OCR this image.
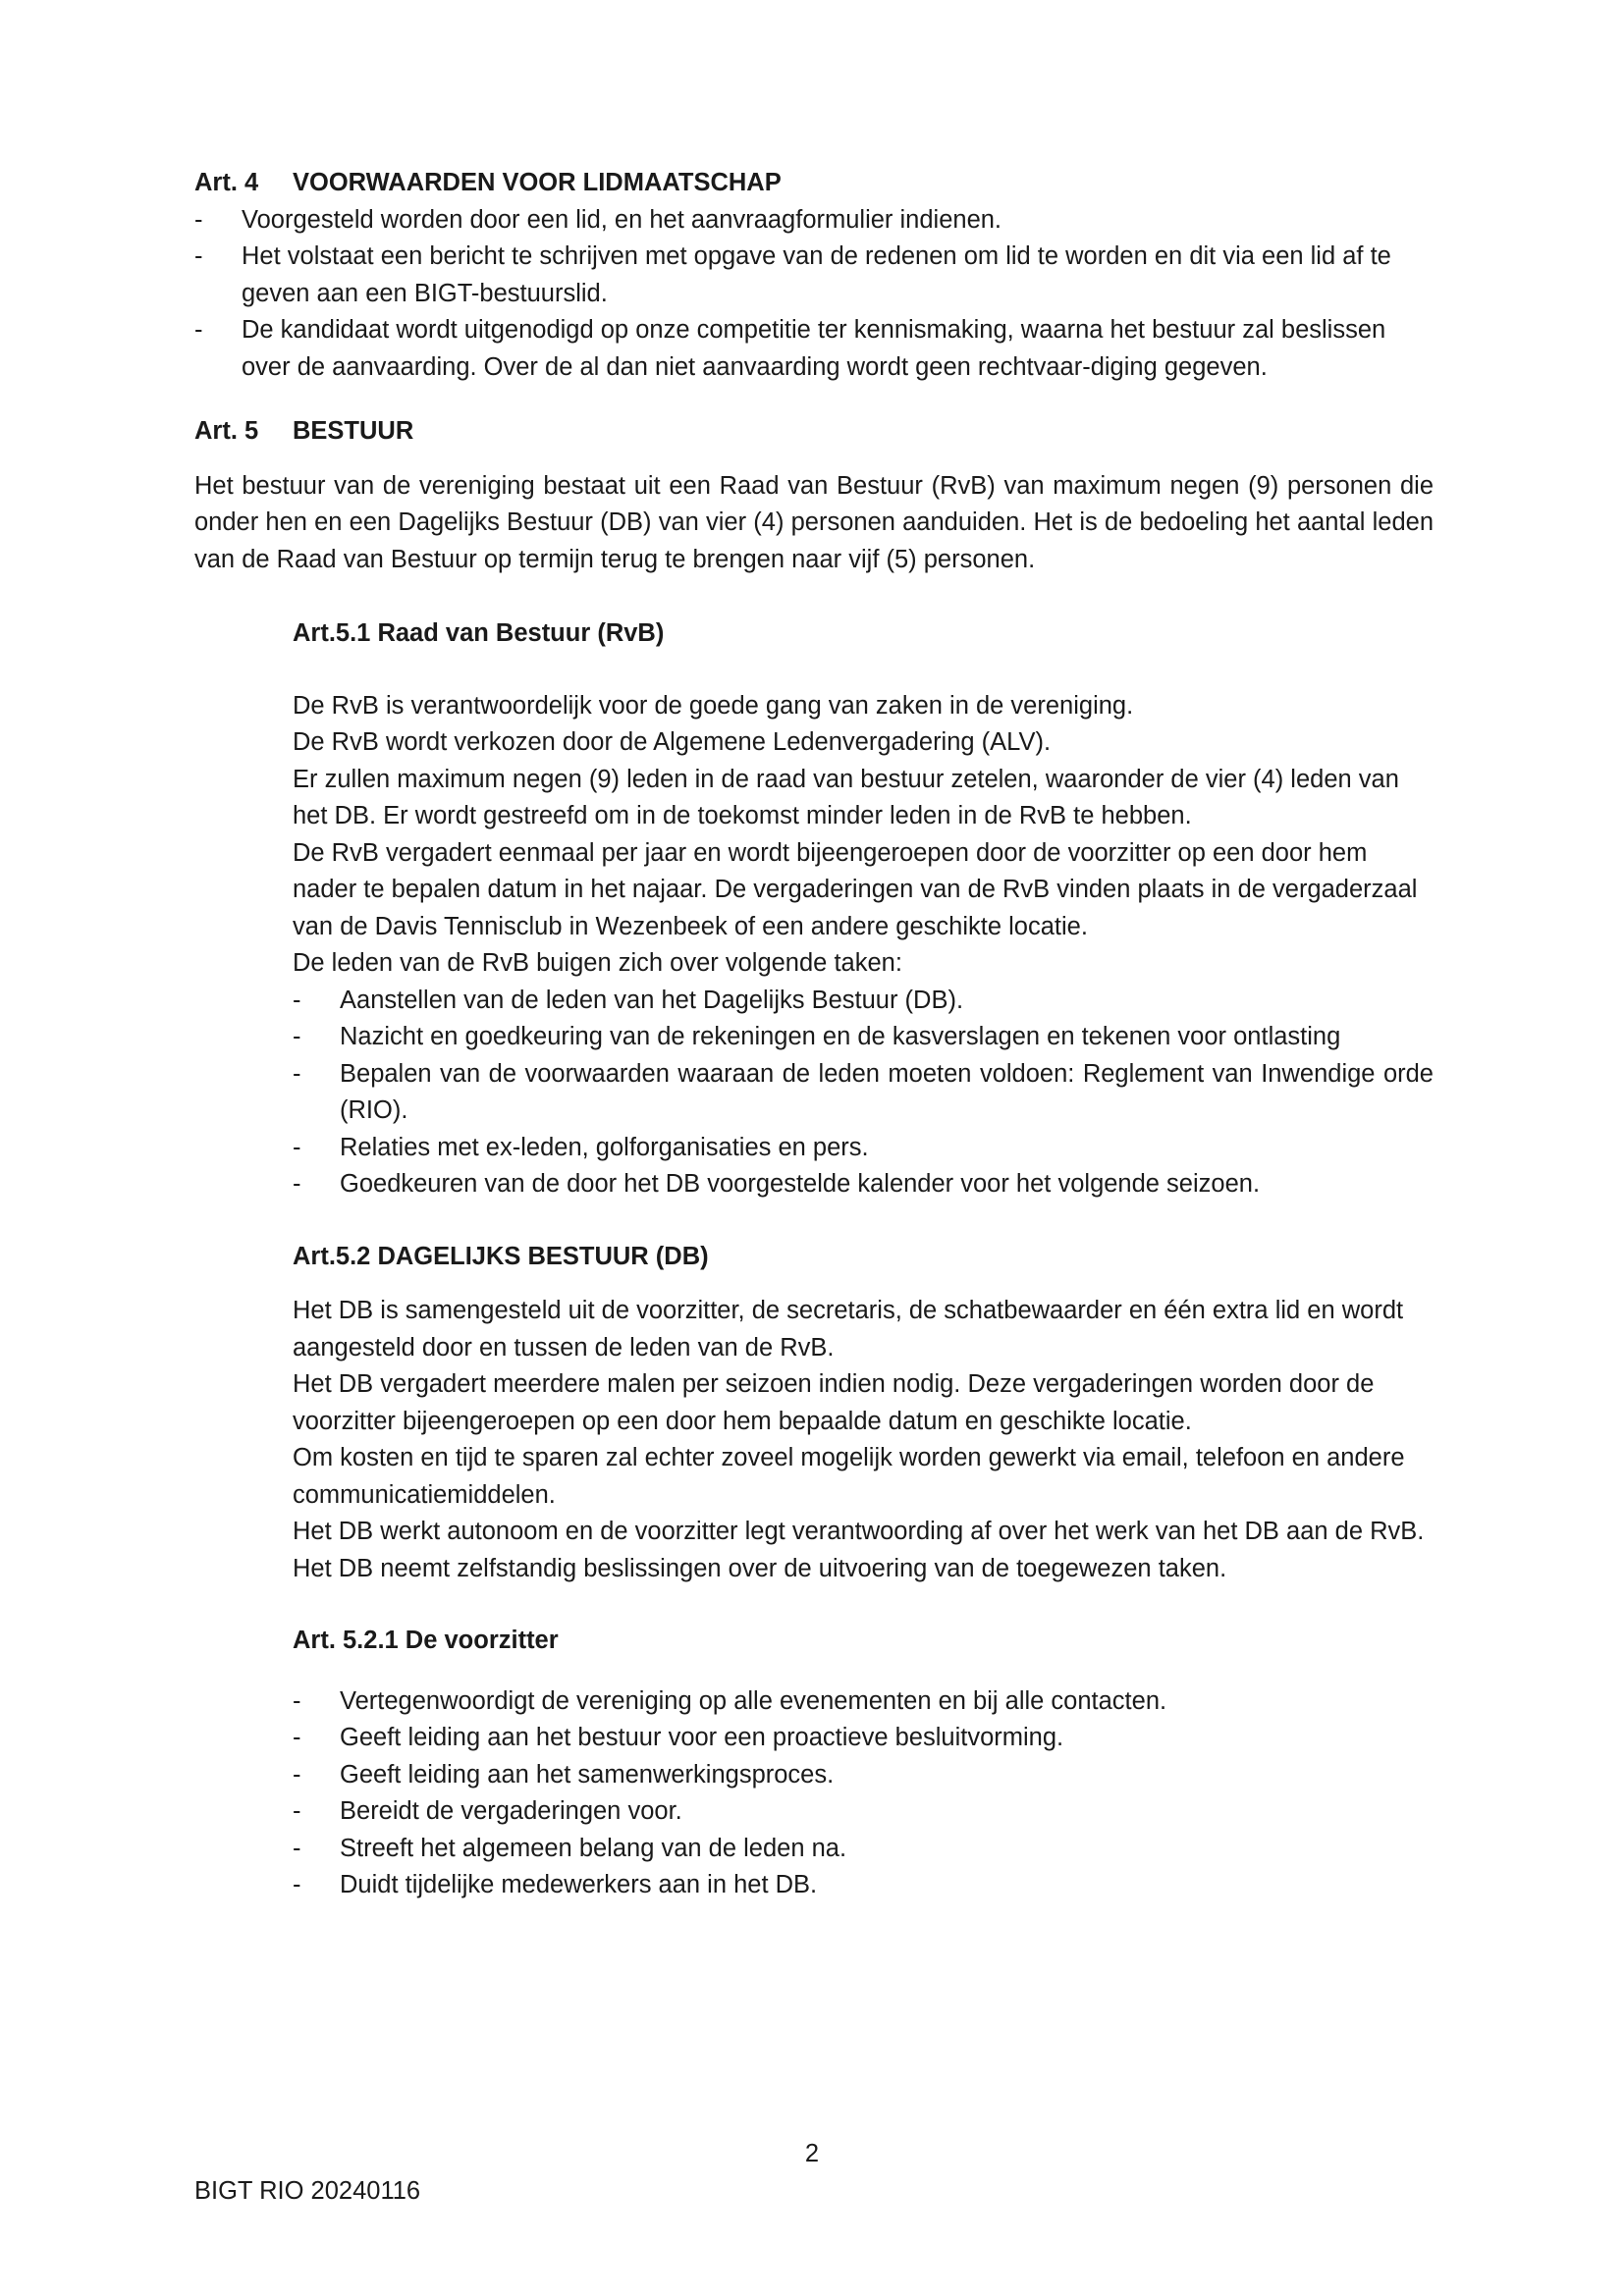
Art. 4 VOORWAARDEN VOOR LIDMAATSCHAP

- Voorgesteld worden door een lid, en het aanvraagformulier indienen.
- Het volstaat een bericht te schrijven met opgave van de redenen om lid te worden en dit via een lid af te geven aan een BIGT-bestuurslid.
- De kandidaat wordt uitgenodigd op onze competitie ter kennismaking, waarna het bestuur zal beslissen over de aanvaarding. Over de al dan niet aanvaarding wordt geen rechtvaar-diging gegeven.

Art. 5 BESTUUR

Het bestuur van de vereniging bestaat uit een Raad van Bestuur (RvB) van maximum negen (9) personen die onder hen en een Dagelijks Bestuur (DB) van vier (4) personen aanduiden. Het is de bedoeling het aantal leden van de Raad van Bestuur op termijn terug te brengen naar vijf (5) personen.

Art.5.1 Raad van Bestuur (RvB)

De RvB is verantwoordelijk voor de goede gang van zaken in de vereniging.

De RvB wordt verkozen door de Algemene Ledenvergadering (ALV).

Er zullen maximum negen (9) leden in de raad van bestuur zetelen, waaronder de vier (4) leden van het DB. Er wordt gestreefd om in de toekomst minder leden in de RvB te hebben.

De RvB vergadert eenmaal per jaar en wordt bijeengeroepen door de voorzitter op een door hem nader te bepalen datum in het najaar. De vergaderingen van de RvB vinden plaats in de vergaderzaal van de Davis Tennisclub in Wezenbeek of een andere geschikte locatie.

De leden van de RvB buigen zich over volgende taken:

- Aanstellen van de leden van het Dagelijks Bestuur (DB).
- Nazicht en goedkeuring van de rekeningen en de kasverslagen en tekenen voor ontlasting
- Bepalen van de voorwaarden waaraan de leden moeten voldoen: Reglement van Inwendige orde (RIO).
- Relaties met ex-leden, golforganisaties en pers.
- Goedkeuren van de door het DB voorgestelde kalender voor het volgende seizoen.

Art.5.2 DAGELIJKS BESTUUR (DB)

Het DB is samengesteld uit de voorzitter, de secretaris, de schatbewaarder en één extra lid en wordt aangesteld door en tussen de leden van de RvB.

Het DB vergadert meerdere malen per seizoen indien nodig. Deze vergaderingen worden door de voorzitter bijeengeroepen op een door hem bepaalde datum en geschikte locatie.

Om kosten en tijd te sparen zal echter zoveel mogelijk worden gewerkt via email, telefoon en andere communicatiemiddelen.

Het DB werkt autonoom en de voorzitter legt verantwoording af over het werk van het DB aan de RvB.

Het DB neemt zelfstandig beslissingen over de uitvoering van de toegewezen taken.

Art. 5.2.1 De voorzitter

- Vertegenwoordigt de vereniging op alle evenementen en bij alle contacten.
- Geeft leiding aan het bestuur voor een proactieve besluitvorming.
- Geeft leiding aan het samenwerkingsproces.
- Bereidt de vergaderingen voor.
- Streeft het algemeen belang van de leden na.
- Duidt tijdelijke medewerkers aan in het DB.
2
BIGT RIO 20240116
